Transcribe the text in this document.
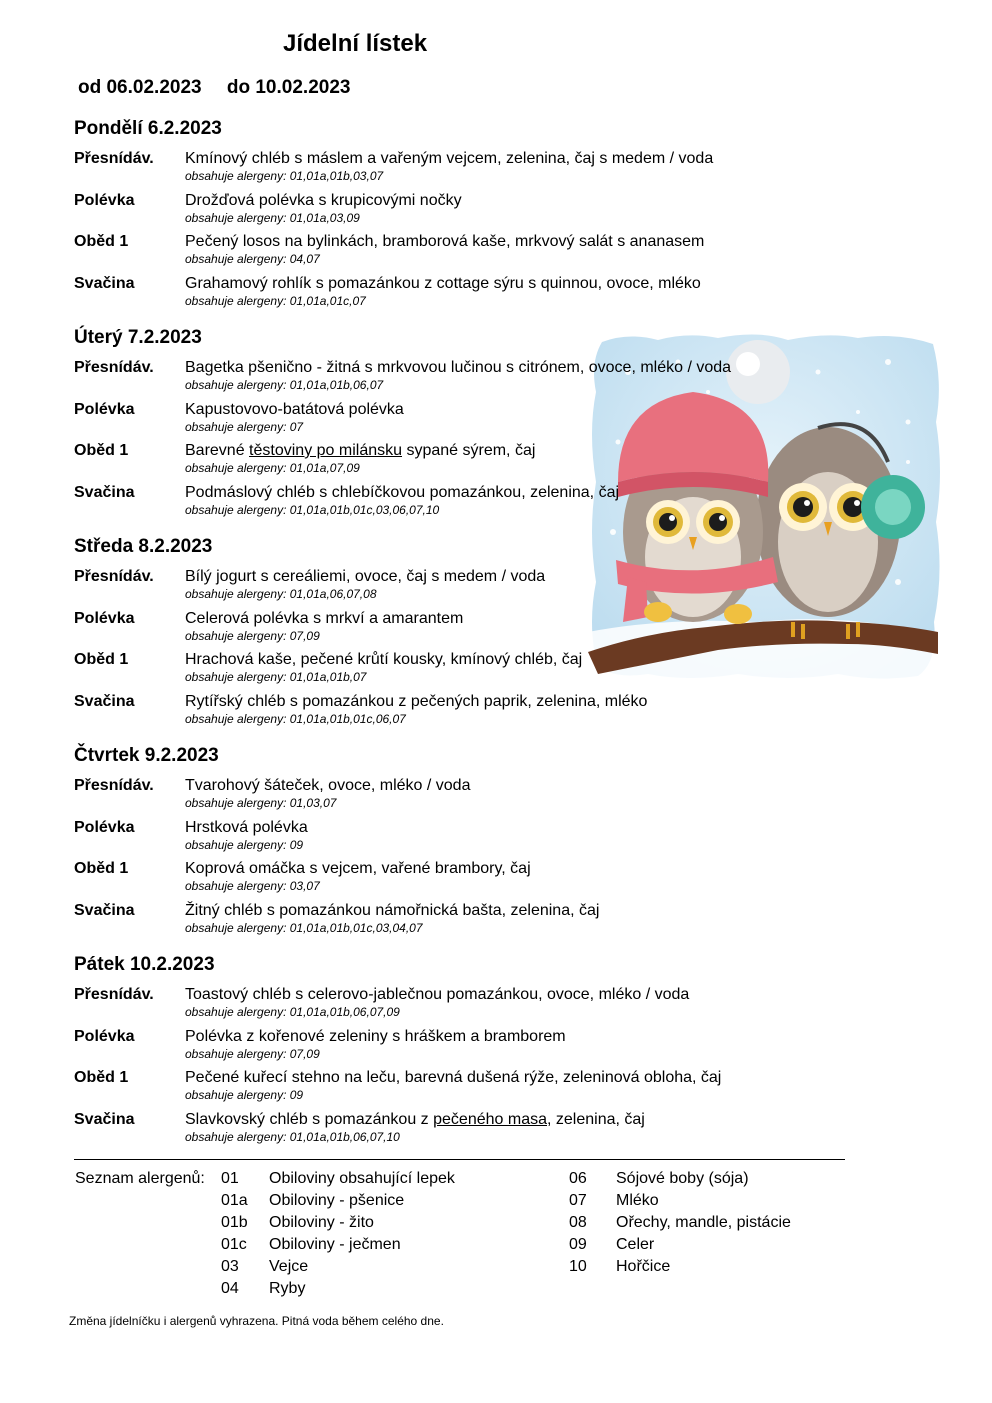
Jídelní lístek
od 06.02.2023 do 10.02.2023
Pondělí 6.2.2023
Přesnídáv. Kmínový chléb s máslem a vařeným vejcem, zelenina, čaj s medem / voda
obsahuje alergeny: 01,01a,01b,03,07
Polévka	Drožďová polévka s krupicovými nočky
obsahuje alergeny: 01,01a,03,09
Oběd 1	Pečený losos na bylinkách, bramborová kaše, mrkvový salát s ananasem
obsahuje alergeny: 04,07
Svačina	Grahamový rohlík s pomazánkou z cottage sýru s quinnou, ovoce, mléko
obsahuje alergeny: 01,01a,01c,07
Úterý 7.2.2023
Přesnídáv. Bagetka pšenično - žitná s mrkvovou lučinou s citrónem, ovoce, mléko / voda
obsahuje alergeny: 01,01a,01b,06,07
Polévka	Kapustovovo-batátová polévka
obsahuje alergeny: 07
Oběd 1	Barevné těstoviny po milánsku sypané sýrem, čaj
obsahuje alergeny: 01,01a,07,09
Svačina	Podmáslový chléb s chlebíčkovou pomazánkou, zelenina, čaj
obsahuje alergeny: 01,01a,01b,01c,03,06,07,10
Středa 8.2.2023
Přesnídáv. Bílý jogurt s cereáliemi, ovoce, čaj s medem / voda
obsahuje alergeny: 01,01a,06,07,08
Polévka	Celerová polévka s mrkví a amarantem
obsahuje alergeny: 07,09
Oběd 1	Hrachová kaše, pečené krůtí kousky, kmínový chléb, čaj
obsahuje alergeny: 01,01a,01b,07
Svačina	Rytířský chléb s pomazánkou z pečených paprik, zelenina, mléko
obsahuje alergeny: 01,01a,01b,01c,06,07
Čtvrtek 9.2.2023
Přesnídáv. Tvarohový šáteček, ovoce, mléko / voda
obsahuje alergeny: 01,03,07
Polévka	Hrstková polévka
obsahuje alergeny: 09
Oběd 1	Koprová omáčka s vejcem, vařené brambory, čaj
obsahuje alergeny: 03,07
Svačina	Žitný chléb s pomazánkou námořnická bašta, zelenina, čaj
obsahuje alergeny: 01,01a,01b,01c,03,04,07
Pátek 10.2.2023
Přesnídáv. Toastový chléb s celerovo-jablečnou pomazánkou, ovoce, mléko / voda
obsahuje alergeny: 01,01a,01b,06,07,09
Polévka	Polévka z kořenové zeleniny s hráškem a bramborem
obsahuje alergeny: 07,09
Oběd 1	Pečené kuřecí stehno na leču, barevná dušená rýže, zeleninová obloha, čaj
obsahuje alergeny: 09
Svačina	Slavkovský chléb s pomazánkou z pečeného masa, zelenina, čaj
obsahuje alergeny: 01,01a,01b,06,07,10
Seznam alergenů: 01 Obiloviny obsahující lepek
01a Obiloviny - pšenice
01b Obiloviny - žito
01c Obiloviny - ječmen
03 Vejce
04 Ryby
06 Sójové boby (sója)
07 Mléko
08 Ořechy, mandle, pistácie
09 Celer
10 Hořčice
Změna jídelníčku i alergenů vyhrazena. Pitná voda během celého dne.
